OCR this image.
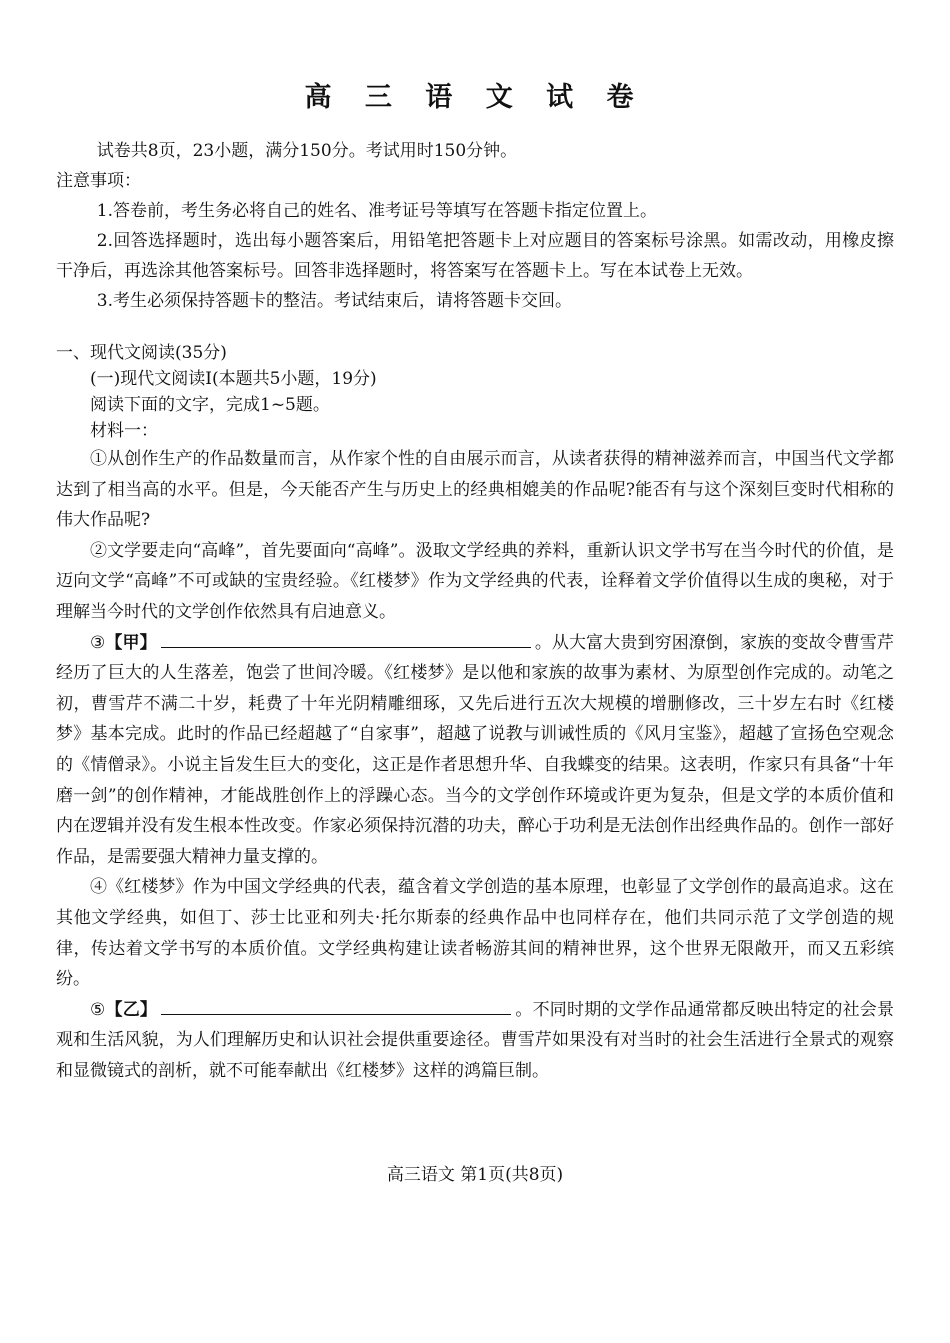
高 三 语 文 试 卷

试卷共8页，23小题，满分150分。考试用时150分钟。

注意事项：

1.答卷前，考生务必将自己的姓名、准考证号等填写在答题卡指定位置上。

2.回答选择题时，选出每小题答案后，用铅笔把答题卡上对应题目的答案标号涂黑。如需改动，用橡皮擦干净后，再选涂其他答案标号。回答非选择题时，将答案写在答题卡上。写在本试卷上无效。

3.考生必须保持答题卡的整洁。考试结束后，请将答题卡交回。

一、现代文阅读(35分)

(一)现代文阅读Ⅰ(本题共5小题，19分)

阅读下面的文字，完成1~5题。

材料一：

①从创作生产的作品数量而言，从作家个性的自由展示而言，从读者获得的精神滋养而言，中国当代文学都达到了相当高的水平。但是，今天能否产生与历史上的经典相媲美的作品呢?能否有与这个深刻巨变时代相称的伟大作品呢?

②文学要走向“高峰”，首先要面向“高峰”。汲取文学经典的养料，重新认识文学书写在当今时代的价值，是迈向文学“高峰”不可或缺的宝贵经验。《红楼梦》作为文学经典的代表，诠释着文学价值得以生成的奥秘，对于理解当今时代的文学创作依然具有启迪意义。

③【甲】	。从大富大贵到穷困潦倒，家族的变故令曹雪芹经历了巨大的人生落差，饱尝了世间冷暖。《红楼梦》是以他和家族的故事为素材、为原型创作完成的。动笔之初，曹雪芹不满二十岁，耗费了十年光阴精雕细琢，又先后进行五次大规模的增删修改，三十岁左右时《红楼梦》基本完成。此时的作品已经超越了“自家事”，超越了说教与训诫性质的《风月宝鉴》，超越了宣扬色空观念的《情僧录》。小说主旨发生巨大的变化，这正是作者思想升华、自我蝶变的结果。这表明，作家只有具备“十年磨一剑”的创作精神，才能战胜创作上的浮躁心态。当今的文学创作环境或许更为复杂，但是文学的本质价值和内在逻辑并没有发生根本性改变。作家必须保持沉潜的功夫，醉心于功利是无法创作出经典作品的。创作一部好作品，是需要强大精神力量支撑的。

④《红楼梦》作为中国文学经典的代表，蕴含着文学创造的基本原理，也彰显了文学创作的最高追求。这在其他文学经典，如但丁、莎士比亚和列夫·托尔斯泰的经典作品中也同样存在，他们共同示范了文学创造的规律，传达着文学书写的本质价值。文学经典构建让读者畅游其间的精神世界，这个世界无限敞开，而又五彩缤纷。

⑤【乙】	。不同时期的文学作品通常都反映出特定的社会景观和生活风貌，为人们理解历史和认识社会提供重要途径。曹雪芹如果没有对当时的社会生活进行全景式的观察和显微镜式的剖析，就不可能奉献出《红楼梦》这样的鸿篇巨制。

高三语文 第1页(共8页)
